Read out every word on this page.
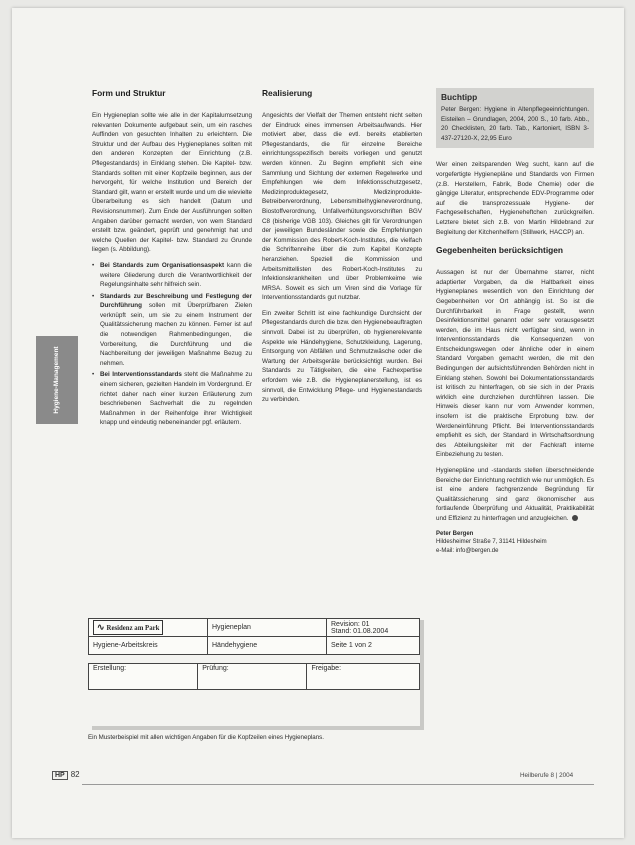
Hygiene-Management
Form und Struktur

Ein Hygieneplan sollte wie alle in der Kapitalumsetzung relevanten Dokumente aufgebaut sein, um ein rasches Auffinden von gesuchten Inhalten zu erleichtern. Die Struktur und der Aufbau des Hygieneplanes sollten mit den anderen Konzepten der Einrichtung (z.B. Pflegestandards) in Einklang stehen. Die Kapitel- bzw. Standards sollten mit einer Kopfzeile beginnen, aus der hervorgeht, für welche Institution und Bereich der Standard gilt, wann er erstellt wurde und um die wievielte Überarbeitung es sich handelt (Datum und Revisionsnummer). Zum Ende der Ausführungen sollten Angaben darüber gemacht werden, von wem Standard erstellt bzw. geändert, geprüft und genehmigt hat und welche Quellen der Kapitel- bzw. Standard zu Grunde liegen (s. Abbildung).

• Bei Standards zum Organisationsaspekt kann die weitere Gliederung durch die Verantwortlichkeit der Regelungsinhalte sehr hilfreich sein.
• Standards zur Beschreibung und Festlegung der Durchführung sollen mit Überprüfbaren Zielen verknüpft sein, um sie zu einem Instrument der Qualitätssicherung machen zu können. Ferner ist auf die notwendigen Rahmenbedingungen, die Vorbereitung, die Durchführung und die Nachbereitung der jeweiligen Maßnahme Bezug zu nehmen.
• Bei Interventionsstandards steht die Maßnahme zu einem sicheren, gezielten Handeln im Vordergrund. Er richtet daher nach einer kurzen Erläuterung zum beschriebenen Sachverhalt die zu regelnden Maßnahmen in der Reihenfolge ihrer Wichtigkeit knapp und eindeutig nebeneinander pgf. erläutern.
Realisierung

Angesichts der Vielfalt der Themen entsteht nicht selten der Eindruck eines immensen Arbeitsaufwands. Hier motiviert aber, dass die evtl. bereits etablierten Pflegestandards, die für einzelne Bereiche einrichtungsspezifisch bereits vorliegen und genutzt werden können. Zu Beginn empfiehlt sich eine Sammlung und Sichtung der externen Regelwerke und Empfehlungen wie dem Infektionsschutzgesetz, Medizinproduktegesetz, Medizinprodukte-Betreiberverordnung, Lebensmittelhygieneverordnung, Biostoffverordnung, Unfallverhütungsvorschriften BGV C8 (bisherige VGB 103). Gleiches gilt für Verordnungen der jeweiligen Bundesländer sowie die Empfehlungen der Kommission des Robert-Koch-Institutes, die vielfach die Schriftenreihe über die zum Kapitel Konzepte heranziehen. Speziell die Kommission und Arbeitsmittellisten des Robert-Koch-Institutes zu Infektionskrankheiten und über Problemkeime wie MRSA. Soweit es sich um Viren sind die Vorlage für Interventionsstandards gut nutzbar.

Ein zweiter Schritt ist eine fachkundige Durchsicht der Pflegestandards durch die bzw. den Hygienebeauftragten sinnvoll. Dabei ist zu überprüfen, ob hygienerelevante Aspekte wie Händehygiene, Schutzkleidung, Lagerung, Entsorgung von Abfällen und Schmutzwäsche oder die Wartung der Arbeitsgeräte berücksichtigt wurden. Bei Standards zu Tätigkeiten, die eine Fachexpertise erfordern wie z.B. die Hygieneplanerstellung, ist es sinnvoll, die Entwicklung Pflege- und Hygienestandards zu verbinden.

Buchtipp
Peter Bergen: Hygiene in Altenpflegeeinrichtungen. Eisteilen – Grundlagen, 2004, 200 S., 10 farb. Abb., 20 Checklisten, 20 farb. Tab., Kartoniert, ISBN 3-437-27120-X, 22,95 Euro

Wer einen zeitsparenden Weg sucht, kann auf die vorgefertigte Hygienepläne und Standards von Firmen (z.B. Herstellern, Fabrik, Bode Chemie) oder die gängige Literatur, entsprechende EDV-Programme oder auf die transprozessuale Hygiene- der Fachgesellschaften, Hygieneheftchen zurückgreifen. Letztere bietet sich z.B. von Martin Hildebrand zur Begleitung der Kitchenhelfern (Stillwerk, HACCP) an.

Gegebenheiten berücksichtigen

Aussagen ist nur der Übernahme starrer, nicht adaptierter Vorgaben, da die Haltbarkeit eines Hygieneplanes wesentlich von den Einrichtung der Gegebenheiten vor Ort abhängig ist. So ist die Durchführbarkeit in Frage gestellt, wenn Desinfektionsmittel genannt oder sehr vorausgesetzt werden, die im Haus nicht verfügbar sind, wenn in Interventionsstandards die Konsequenzen von Entscheidungswegen oder ähnliche oder in einem Standard Vorgaben gemacht werden, die mit den Bedingungen der aufsichtsführenden Behörden nicht in Einklang stehen. Sowohl bei Dokumentationsstandards ist kritisch zu hinterfragen, ob sie sich in der Praxis wirklich eine durchziehen durchführen lassen. Die Hinweis dieser kann nur vom Anwender kommen, insofern ist die praktische Erprobung bzw. der Werdeneinführung Pflicht. Bei Interventionsstandards empfiehlt es sich, der Standard in Wirtschaftsordnung des Abteilungsleiter mit der Fachkraft interne Einbeziehung zu testen.

Hygienepläne und -standards stellen überschneidende Bereiche der Einrichtung rechtlich wie nur unmöglich. Es ist eine andere fachgrenzende Begründung für Qualitätssicherung sind ganz ökonomischer aus fortlaufende Überprüfung und Aktualität, Praktikabilität und Effizienz zu hinterfragen und anzugleichen.

Peter Bergen
Hildesheimer Straße 7, 31141 Hildesheim
e-Mail: info@bergen.de
∿ Residenz am Park	Hygieneplan	Revision: 01
Stand: 01.08.2004

Hygiene-Arbeitskreis	Händehygiene	Seite 1 von 2
Erstellung:	Prüfung:	Freigabe:
Ein Musterbeispiel mit allen wichtigen Angaben für die Kopfzeilen eines Hygieneplans.
HP 82	Heilberufe 8 | 2004
